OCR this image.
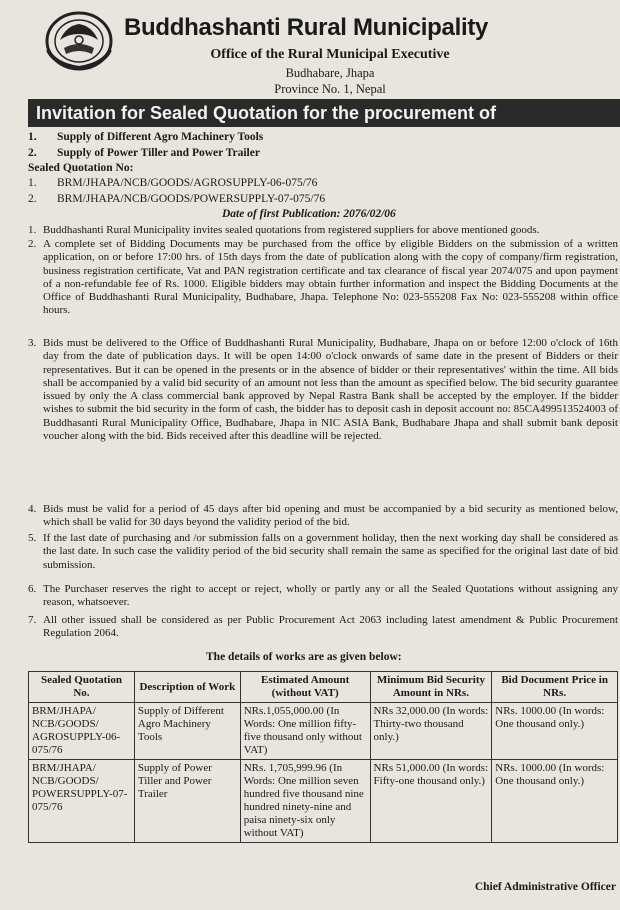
Buddhashanti Rural Municipality
Office of the Rural Municipal Executive
Budhabare, Jhapa
Province No. 1, Nepal
Invitation for Sealed Quotation for the procurement of
1. Supply of Different Agro Machinery Tools
2. Supply of Power Tiller and Power Trailer
Sealed Quotation No:
1. BRM/JHAPA/NCB/GOODS/AGROSUPPLY-06-075/76
2. BRM/JHAPA/NCB/GOODS/POWERSUPPLY-07-075/76
Date of first Publication: 2076/02/06
1. Buddhashanti Rural Municipality invites sealed quotations from registered suppliers for above mentioned goods.
2. A complete set of Bidding Documents may be purchased from the office by eligible Bidders on the submission of a written application, on or before 17:00 hrs. of 15th days from the date of publication along with the copy of company/firm registration, business registration certificate, Vat and PAN registration certificate and tax clearance of fiscal year 2074/075 and upon payment of a non-refundable fee of Rs. 1000. Eligible bidders may obtain further information and inspect the Bidding Documents at the Office of Buddhashanti Rural Municipality, Budhabare, Jhapa. Telephone No: 023-555208 Fax No: 023-555208 within office hours.
3. Bids must be delivered to the Office of Buddhashanti Rural Municipality, Budhabare, Jhapa on or before 12:00 o'clock of 16th day from the date of publication days. It will be open 14:00 o'clock onwards of same date in the present of Bidders or their representatives. But it can be opened in the presents or in the absence of bidder or their representatives' within the time. All bids shall be accompanied by a valid bid security of an amount not less than the amount as specified below. The bid security guarantee issued by only the A class commercial bank approved by Nepal Rastra Bank shall be accepted by the employer. If the bidder wishes to submit the bid security in the form of cash, the bidder has to deposit cash in deposit account no: 85CA499513524003 of Buddhasanti Rural Municipality Office, Budhabare, Jhapa in NIC ASIA Bank, Budhabare Jhapa and shall submit bank deposit voucher along with the bid. Bids received after this deadline will be rejected.
4. Bids must be valid for a period of 45 days after bid opening and must be accompanied by a bid security as mentioned below, which shall be valid for 30 days beyond the validity period of the bid.
5. If the last date of purchasing and /or submission falls on a government holiday, then the next working day shall be considered as the last date. In such case the validity period of the bid security shall remain the same as specified for the original last date of bid submission.
6. The Purchaser reserves the right to accept or reject, wholly or partly any or all the Sealed Quotations without assigning any reason, whatsoever.
7. All other issued shall be considered as per Public Procurement Act 2063 including latest amendment & Public Procurement Regulation 2064.
The details of works are as given below:
Sealed Quotation No.	Description of Work	Estimated Amount (without VAT)	Minimum Bid Security Amount in NRs.	Bid Document Price in NRs.
BRM/JHAPA/ NCB/GOODS/ AGROSUPPLY-06-075/76	Supply of Different Agro Machinery Tools	NRs.1,055,000.00 (In Words: One million fifty-five thousand only without VAT)	NRs 32,000.00 (In words: Thirty-two thousand only.)	NRs. 1000.00 (In words: One thousand only.)
BRM/JHAPA/ NCB/GOODS/ POWERSUPPLY-07-075/76	Supply of Power Tiller and Power Trailer	NRs. 1,705,999.96 (In Words: One million seven hundred five thousand nine hundred ninety-nine and paisa ninety-six only without VAT)	NRs 51,000.00 (In words: Fifty-one thousand only.)	NRs. 1000.00 (In words: One thousand only.)
Chief Administrative Officer
